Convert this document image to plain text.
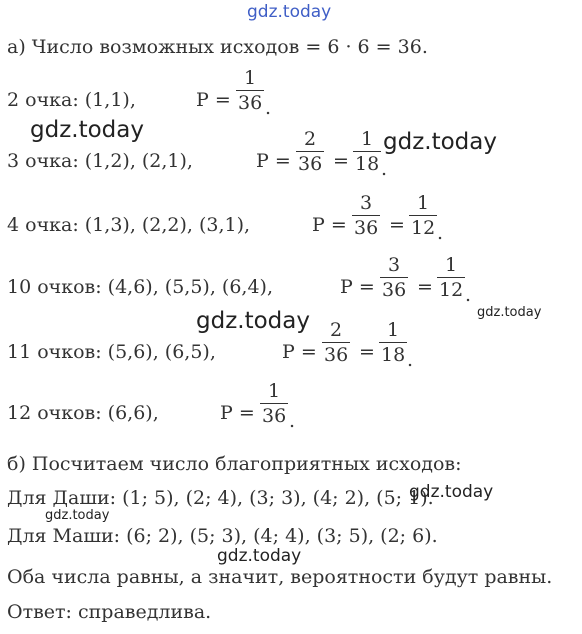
gdz.today
а) Число возможных исходов = 6 · 6 = 36.
2 очка: (1,1),	$P = \frac{1}{36}$ .
3 очка: (1,2), (2,1),	$P = \frac{2}{36} = \frac{1}{18}$ .
4 очка: (1,3), (2,2), (3,1),	$P = \frac{3}{36} = \frac{1}{12}$ .
10 очков: (4,6), (5,5), (6,4),	$P = \frac{3}{36} = \frac{1}{12}$ .
11 очков: (5,6), (6,5),	$P = \frac{2}{36} = \frac{1}{18}$ .
12 очков: (6,6),	$P = \frac{1}{36}$ .
б) Посчитаем число благоприятных исходов:
Для Даши: (1; 5), (2; 4), (3; 3), (4; 2), (5; 1).
Для Маши: (6; 2), (5; 3), (4; 4), (3; 5), (2; 6).
Оба числа равны, а значит, вероятности будут равны.
Ответ: справедлива.
gdz.today	gdz.today
gdz.today	gdz.today
gdz.today
gdz.today
gdz.today
